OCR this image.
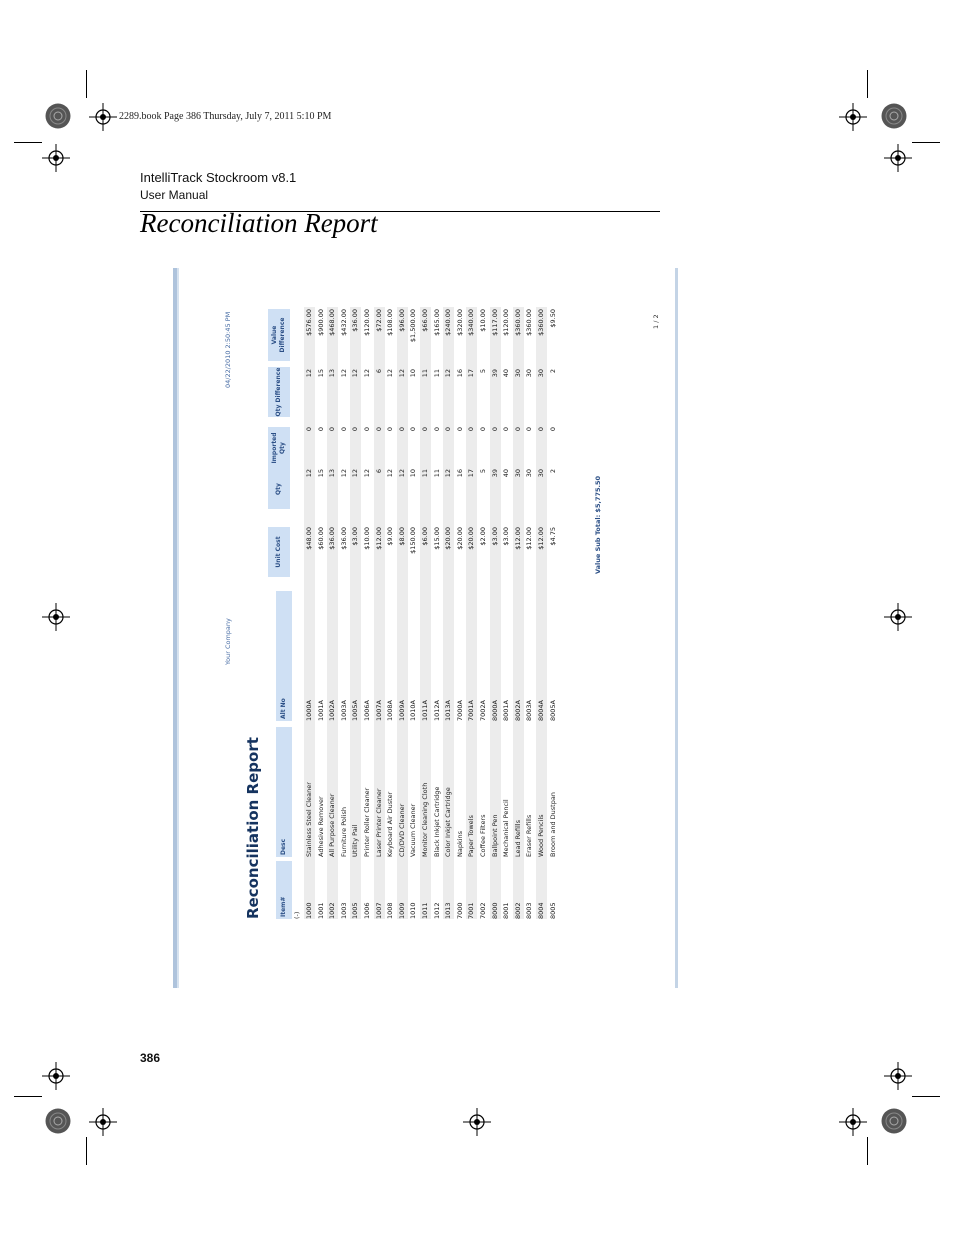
2289.book Page 386 Thursday, July 7, 2011 5:10 PM
IntelliTrack Stockroom v8.1
User Manual
Reconciliation Report
Your Company
04/22/2010 2:50:45 PM
Reconciliation Report	Item#
Desc
Alt No
Unit Cost
Qty
Imported Qty
Qty Difference
Value Difference
(-) 1000
Stainless Steel Cleaner
1000A
$48.00
12
0
12
$576.00
1001
Adhesive Remover
1001A
$60.00
15
0
15
$900.00
1002
All Purpose Cleaner
1002A
$36.00
13
0
13
$468.00
1003
Furniture Polish
1003A
$36.00
12
0
12
$432.00
1005
Utility Pail
1005A
$3.00
12
0
12
$36.00
1006
Printer Roller Cleaner
1006A
$10.00
12
0
12
$120.00
1007
Laser Printer Cleaner
1007A
$12.00
6
0
6
$72.00
1008
Keyboard Air Duster
1008A
$9.00
12
0
12
$108.00
1009
CD/DVD Cleaner
1009A
$8.00
12
0
12
$96.00
1010
Vacuum Cleaner
1010A
$150.00
10
0
10
$1,500.00
1011
Monitor Cleaning Cloth
1011A
$6.00
11
0
11
$66.00
1012
Black Inkjet Cartridge
1012A
$15.00
11
0
11
$165.00
1013
Color Inkjet Cartridge
1013A
$20.00
12
0
12
$240.00
7000
Napkins
7000A
$20.00
16
0
16
$320.00
7001
Paper Towels
7001A
$20.00
17
0
17
$340.00
7002
Coffee Filters
7002A
$2.00
5
0
5
$10.00
8000
Ballpoint Pen
8000A
$3.00
39
0
39
$117.00
8001
Mechanical Pencil
8001A
$3.00
40
0
40
$120.00
8002
Lead Refills
8002A
$12.00
30
0
30
$360.00
8003
Eraser Refills
8003A
$12.00
30
0
30
$360.00
8004
Wood Pencils
8004A
$12.00
30
0
30
$360.00
8005
Broom and Dustpan
8005A
$4.75
2
0
2
$9.50
Value Sub Total: $5,775.50
1 / 2
386
